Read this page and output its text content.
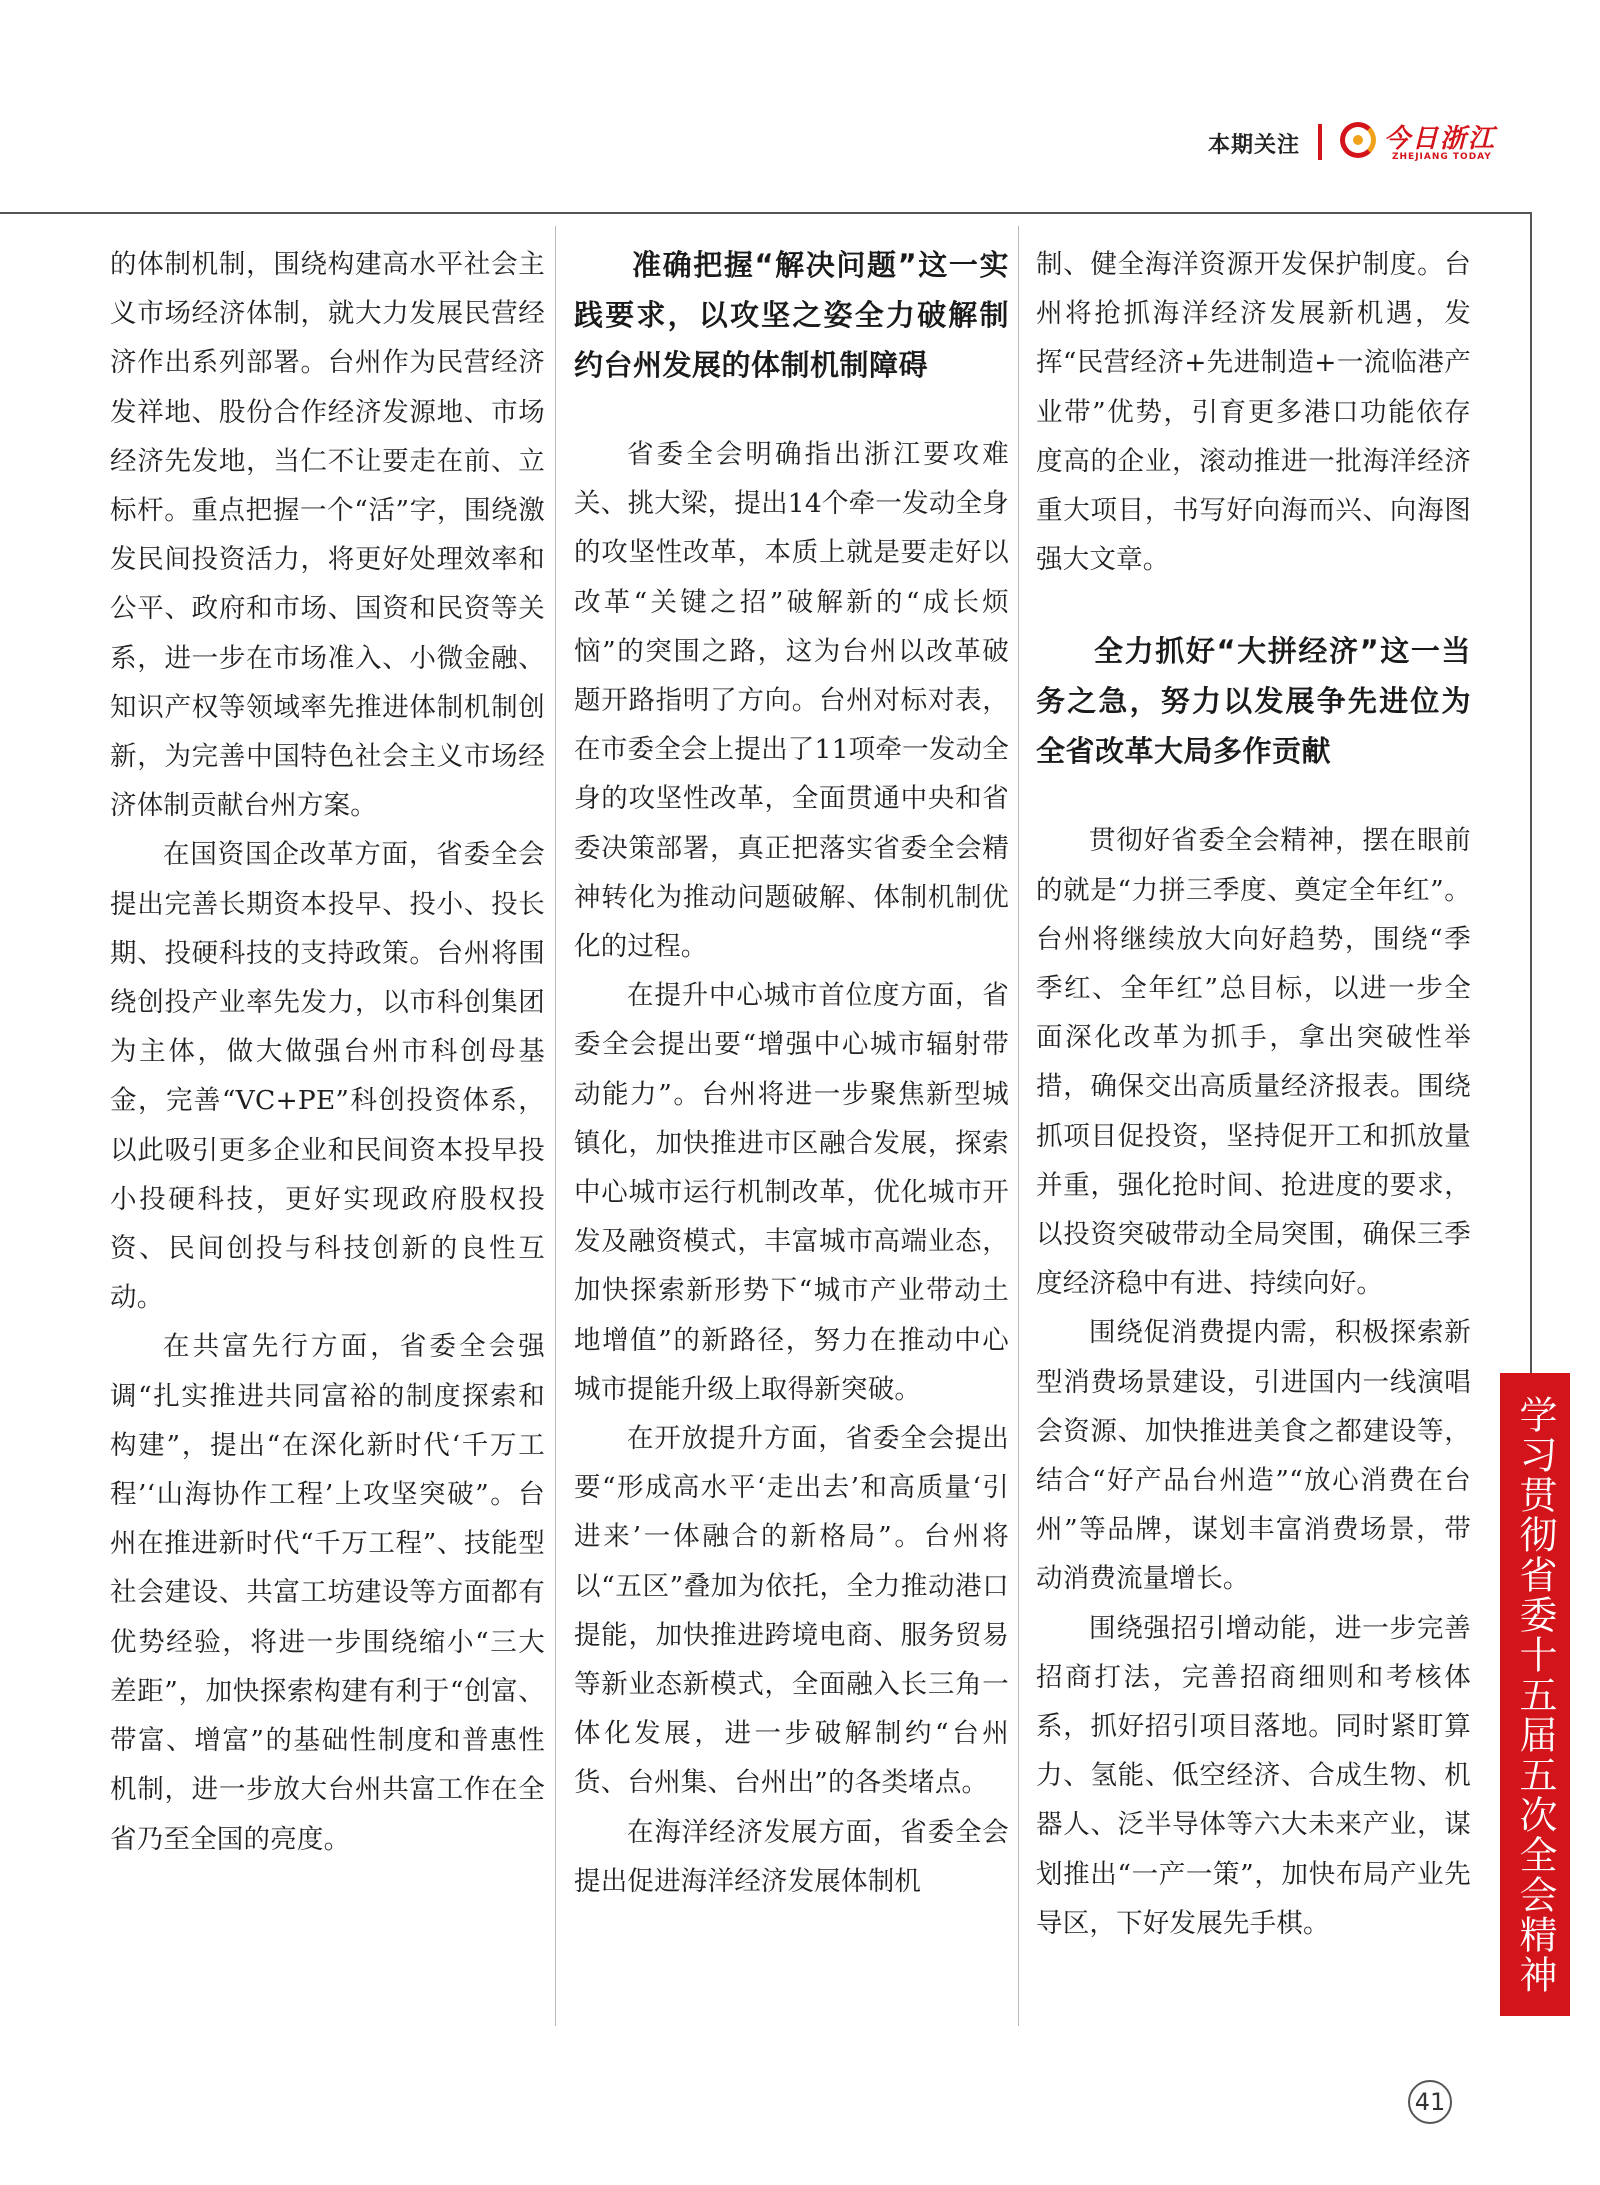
本期关注	今日浙江
ZHEJIANG TODAY

的体制机制，围绕构建高水平社会主义市场经济体制，就大力发展民营经济作出系列部署。台州作为民营经济发祥地、股份合作经济发源地、市场经济先发地，当仁不让要走在前、立标杆。重点把握一个“活”字，围绕激发民间投资活力，将更好处理效率和公平、政府和市场、国资和民资等关系，进一步在市场准入、小微金融、知识产权等领域率先推进体制机制创新，为完善中国特色社会主义市场经济体制贡献台州方案。

在国资国企改革方面，省委全会提出完善长期资本投早、投小、投长期、投硬科技的支持政策。台州将围绕创投产业率先发力，以市科创集团为主体，做大做强台州市科创母基金，完善“VC+PE”科创投资体系，以此吸引更多企业和民间资本投早投小投硬科技，更好实现政府股权投资、民间创投与科技创新的良性互动。

在共富先行方面，省委全会强调“扎实推进共同富裕的制度探索和构建”，提出“在深化新时代‘千万工程’‘山海协作工程’上攻坚突破”。台州在推进新时代“千万工程”、技能型社会建设、共富工坊建设等方面都有优势经验，将进一步围绕缩小“三大差距”，加快探索构建有利于“创富、带富、增富”的基础性制度和普惠性机制，进一步放大台州共富工作在全省乃至全国的亮度。

准确把握“解决问题”这一实践要求，以攻坚之姿全力破解制约台州发展的体制机制障碍

省委全会明确指出浙江要攻难关、挑大梁，提出14个牵一发动全身的攻坚性改革，本质上就是要走好以改革“关键之招”破解新的“成长烦恼”的突围之路，这为台州以改革破题开路指明了方向。台州对标对表，在市委全会上提出了11项牵一发动全身的攻坚性改革，全面贯通中央和省委决策部署，真正把落实省委全会精神转化为推动问题破解、体制机制优化的过程。

在提升中心城市首位度方面，省委全会提出要“增强中心城市辐射带动能力”。台州将进一步聚焦新型城镇化，加快推进市区融合发展，探索中心城市运行机制改革，优化城市开发及融资模式，丰富城市高端业态，加快探索新形势下“城市产业带动土地增值”的新路径，努力在推动中心城市提能升级上取得新突破。

在开放提升方面，省委全会提出要“形成高水平‘走出去’和高质量‘引进来’一体融合的新格局”。台州将以“五区”叠加为依托，全力推动港口提能，加快推进跨境电商、服务贸易等新业态新模式，全面融入长三角一体化发展，进一步破解制约“台州货、台州集、台州出”的各类堵点。

在海洋经济发展方面，省委全会提出促进海洋经济发展体制机

制、健全海洋资源开发保护制度。台州将抢抓海洋经济发展新机遇，发挥“民营经济+先进制造+一流临港产业带”优势，引育更多港口功能依存度高的企业，滚动推进一批海洋经济重大项目，书写好向海而兴、向海图强大文章。

全力抓好“大拼经济”这一当务之急，努力以发展争先进位为全省改革大局多作贡献

贯彻好省委全会精神，摆在眼前的就是“力拼三季度、奠定全年红”。台州将继续放大向好趋势，围绕“季季红、全年红”总目标，以进一步全面深化改革为抓手，拿出突破性举措，确保交出高质量经济报表。围绕抓项目促投资，坚持促开工和抓放量并重，强化抢时间、抢进度的要求，以投资突破带动全局突围，确保三季度经济稳中有进、持续向好。

围绕促消费提内需，积极探索新型消费场景建设，引进国内一线演唱会资源、加快推进美食之都建设等，结合“好产品台州造”“放心消费在台州”等品牌，谋划丰富消费场景，带动消费流量增长。

围绕强招引增动能，进一步完善招商打法，完善招商细则和考核体系，抓好招引项目落地。同时紧盯算力、氢能、低空经济、合成生物、机器人、泛半导体等六大未来产业，谋划推出“一产一策”，加快布局产业先导区，下好发展先手棋。	学习贯彻省委十五届五次全会精神
41
